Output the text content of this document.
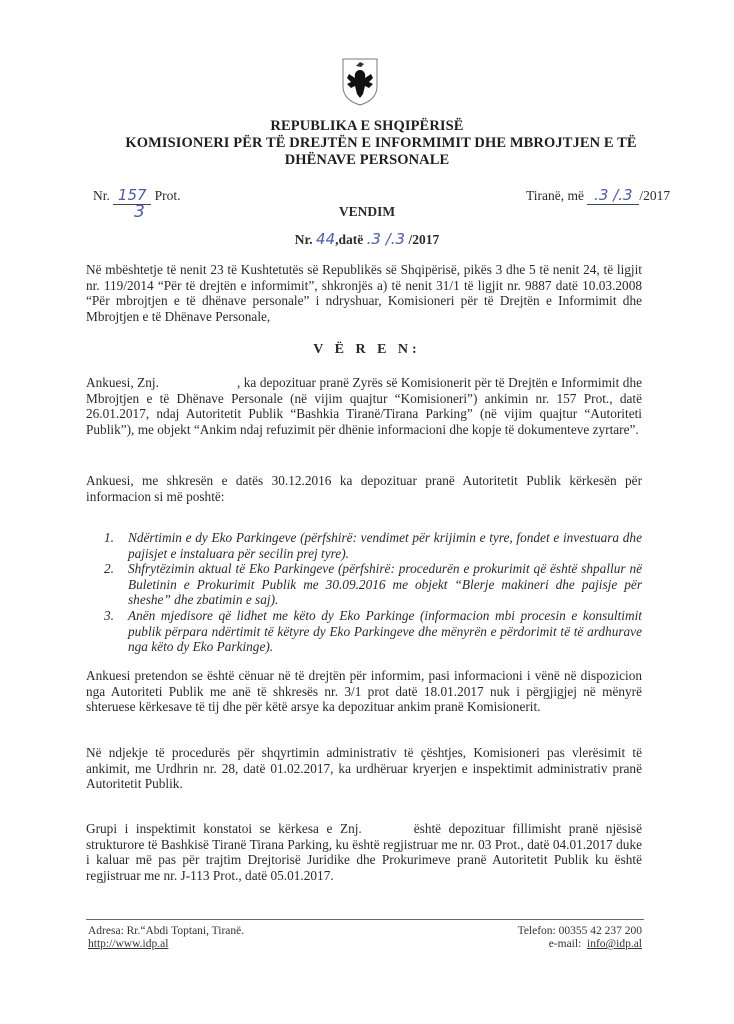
REPUBLIKA E SHQIPËRISË
KOMISIONERI PËR TË DREJTËN E INFORMIMIT DHE MBROJTJEN E TË
DHËNAVE PERSONALE
Nr. 157 Prot.
3
Tiranë, më .3 /.3 /2017
VENDIM
Nr. 44,datë .3 /.3 /2017
Në mbështetje të nenit 23 të Kushtetutës së Republikës së Shqipërisë, pikës 3 dhe 5 të nenit 24, të ligjit nr. 119/2014 “Për të drejtën e informimit”, shkronjës a) të nenit 31/1 të ligjit nr. 9887 datë 10.03.2008 “Për mbrojtjen e të dhënave personale” i ndryshuar, Komisioneri për të Drejtën e Informimit dhe Mbrojtjen e të Dhënave Personale,
V Ë R E N:
Ankuesi, Znj.	, ka depozituar pranë Zyrës së Komisionerit për të Drejtën e Informimit dhe Mbrojtjen e të Dhënave Personale (në vijim quajtur “Komisioneri”) ankimin nr. 157 Prot., datë 26.01.2017, ndaj Autoritetit Publik “Bashkia Tiranë/Tirana Parking” (në vijim quajtur “Autoriteti Publik”), me objekt “Ankim ndaj refuzimit për dhënie informacioni dhe kopje të dokumenteve zyrtare”.
Ankuesi, me shkresën e datës 30.12.2016 ka depozituar pranë Autoritetit Publik kërkesën për informacion si më poshtë:
1. Ndërtimin e dy Eko Parkingeve (përfshirë: vendimet për krijimin e tyre, fondet e investuara dhe pajisjet e instaluara për secilin prej tyre).
2. Shfrytëzimin aktual të Eko Parkingeve (përfshirë: procedurën e prokurimit që është shpallur në Buletinin e Prokurimit Publik me 30.09.2016 me objekt “Blerje makineri dhe pajisje për sheshe” dhe zbatimin e saj).
3. Anën mjedisore që lidhet me këto dy Eko Parkinge (informacion mbi procesin e konsultimit publik përpara ndërtimit të këtyre dy Eko Parkingeve dhe mënyrën e përdorimit të të ardhurave nga këto dy Eko Parkinge).
Ankuesi pretendon se është cënuar në të drejtën për informim, pasi informacioni i vënë në dispozicion nga Autoriteti Publik me anë të shkresës nr. 3/1 prot datë 18.01.2017 nuk i përgjigjej në mënyrë shteruese kërkesave të tij dhe për këtë arsye ka depozituar ankim pranë Komisionerit.
Në ndjekje të procedurës për shqyrtimin administrativ të çështjes, Komisioneri pas vlerësimit të ankimit, me Urdhrin nr. 28, datë 01.02.2017, ka urdhëruar kryerjen e inspektimit administrativ pranë Autoritetit Publik.
Grupi i inspektimit konstatoi se kërkesa e Znj.	është depozituar fillimisht pranë njësisë strukturore të Bashkisë Tiranë Tirana Parking, ku është regjistruar me nr. 03 Prot., datë 04.01.2017 duke i kaluar më pas për trajtim Drejtorisë Juridike dhe Prokurimeve pranë Autoritetit Publik ku është regjistruar me nr. J-113 Prot., datë 05.01.2017.
Adresa: Rr.“Abdi Toptani, Tiranë.
http://www.idp.al
Telefon: 00355 42 237 200
e-mail: info@idp.al
